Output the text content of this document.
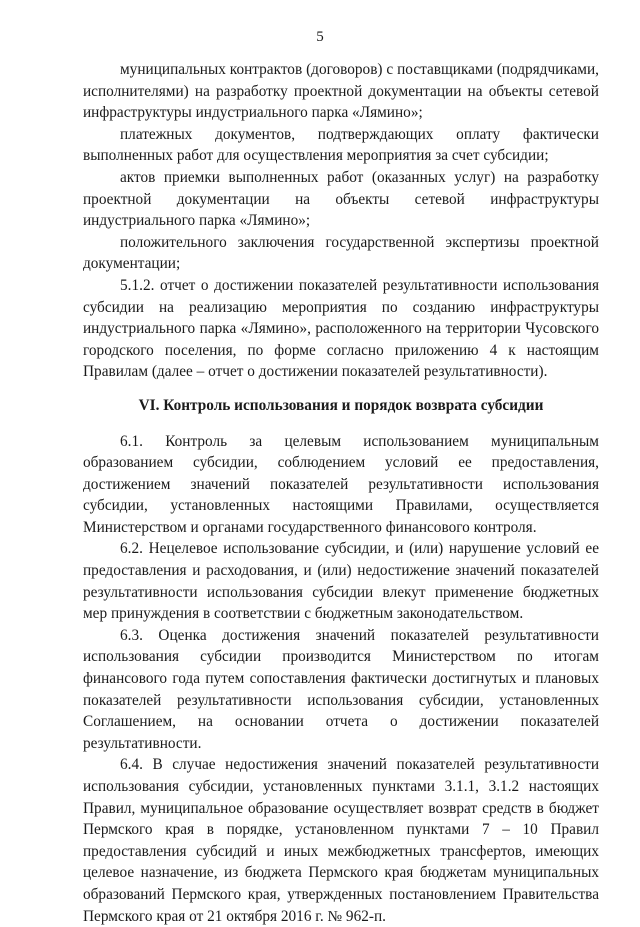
5

муниципальных контрактов (договоров) с поставщиками (подрядчиками, исполнителями) на разработку проектной документации на объекты сетевой инфраструктуры индустриального парка «Лямино»;

платежных документов, подтверждающих оплату фактически выполненных работ для осуществления мероприятия за счет субсидии;

актов приемки выполненных работ (оказанных услуг) на разработку проектной документации на объекты сетевой инфраструктуры индустриального парка «Лямино»;

положительного заключения государственной экспертизы проектной документации;

5.1.2. отчет о достижении показателей результативности использования субсидии на реализацию мероприятия по созданию инфраструктуры индустриального парка «Лямино», расположенного на территории Чусовского городского поселения, по форме согласно приложению 4 к настоящим Правилам (далее – отчет о достижении показателей результативности).

VI. Контроль использования и порядок возврата субсидии

6.1. Контроль за целевым использованием муниципальным образованием субсидии, соблюдением условий ее предоставления, достижением значений показателей результативности использования субсидии, установленных настоящими Правилами, осуществляется Министерством и органами государственного финансового контроля.

6.2. Нецелевое использование субсидии, и (или) нарушение условий ее предоставления и расходования, и (или) недостижение значений показателей результативности использования субсидии влекут применение бюджетных мер принуждения в соответствии с бюджетным законодательством.

6.3. Оценка достижения значений показателей результативности использования субсидии производится Министерством по итогам финансового года путем сопоставления фактически достигнутых и плановых показателей результативности использования субсидии, установленных Соглашением, на основании отчета о достижении показателей результативности.

6.4. В случае недостижения значений показателей результативности использования субсидии, установленных пунктами 3.1.1, 3.1.2 настоящих Правил, муниципальное образование осуществляет возврат средств в бюджет Пермского края в порядке, установленном пунктами 7 – 10 Правил предоставления субсидий и иных межбюджетных трансфертов, имеющих целевое назначение, из бюджета Пермского края бюджетам муниципальных образований Пермского края, утвержденных постановлением Правительства Пермского края от 21 октября 2016 г. № 962-п.
